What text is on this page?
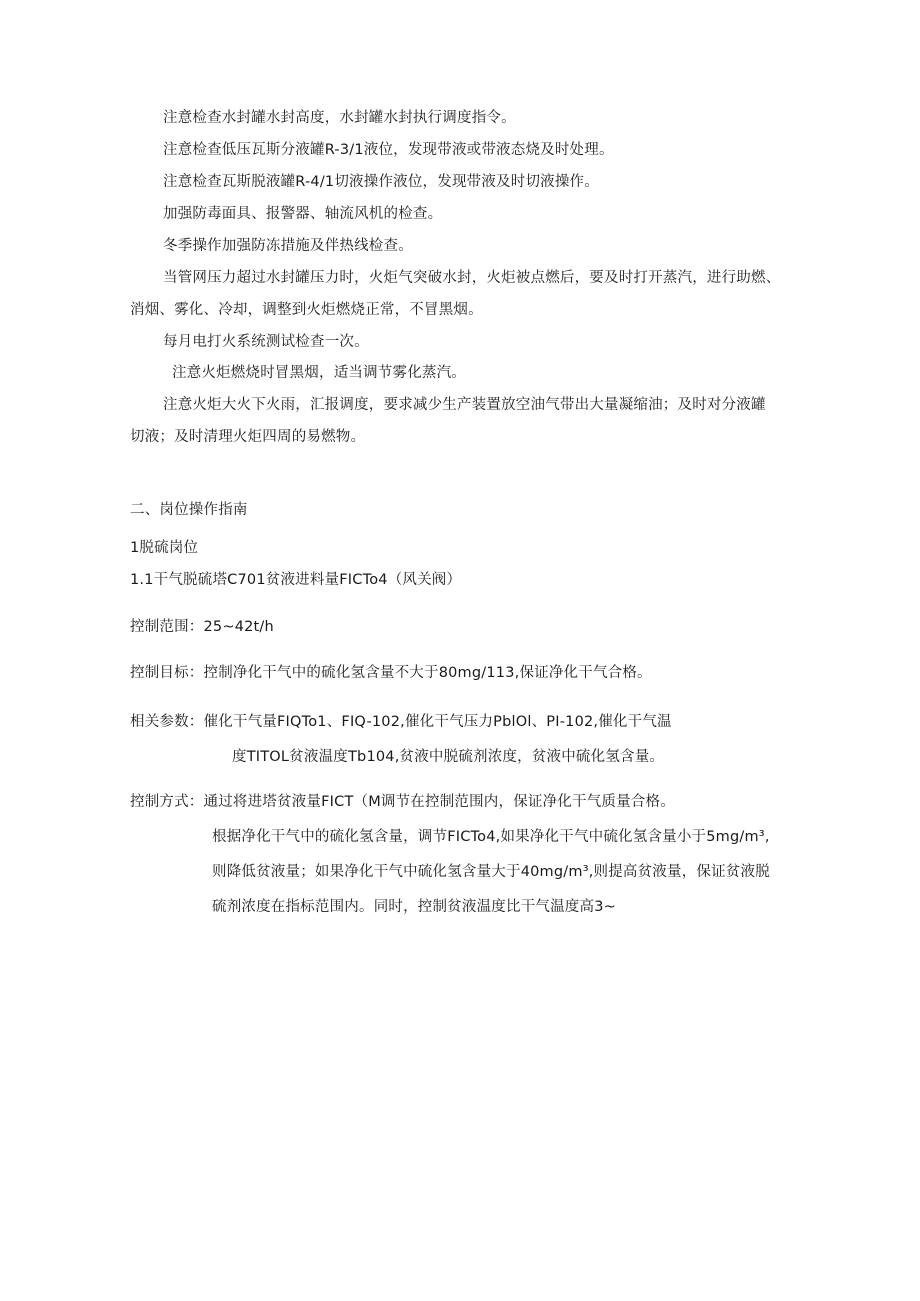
注意检查水封罐水封高度，水封罐水封执行调度指令。
注意检查低压瓦斯分液罐R-3/1液位，发现带液或带液态烧及时处理。
注意检查瓦斯脱液罐R-4/1切液操作液位，发现带液及时切液操作。
加强防毒面具、报警器、轴流风机的检查。
冬季操作加强防冻措施及伴热线检查。
当管网压力超过水封罐压力时，火炬气突破水封，火炬被点燃后，要及时打开蒸汽，进行助燃、
消烟、雾化、冷却，调整到火炬燃烧正常，不冒黑烟。
每月电打火系统测试检查一次。
注意火炬燃烧时冒黑烟，适当调节雾化蒸汽。
注意火炬大火下火雨，汇报调度，要求减少生产装置放空油气带出大量凝缩油；及时对分液罐
切液；及时清理火炬四周的易燃物。
二、岗位操作指南
1脱硫岗位
1.1干气脱硫塔C701贫液进料量FICTo4（风关阀）
控制范围：25~42t/h
控制目标：控制净化干气中的硫化氢含量不大于80mg/113,保证净化干气合格。
相关参数：催化干气量FIQTo1、FIQ-102,催化干气压力PblOl、PI-102,催化干气温
度TITOL贫液温度Tb104,贫液中脱硫剂浓度，贫液中硫化氢含量。
控制方式：通过将进塔贫液量FICT（M调节在控制范围内，保证净化干气质量合格。
根据净化干气中的硫化氢含量，调节FICTo4,如果净化干气中硫化氢含量小于5mg/m³,
则降低贫液量；如果净化干气中硫化氢含量大于40mg/m³,则提高贫液量，保证贫液脱
硫剂浓度在指标范围内。同时，控制贫液温度比干气温度高3~
